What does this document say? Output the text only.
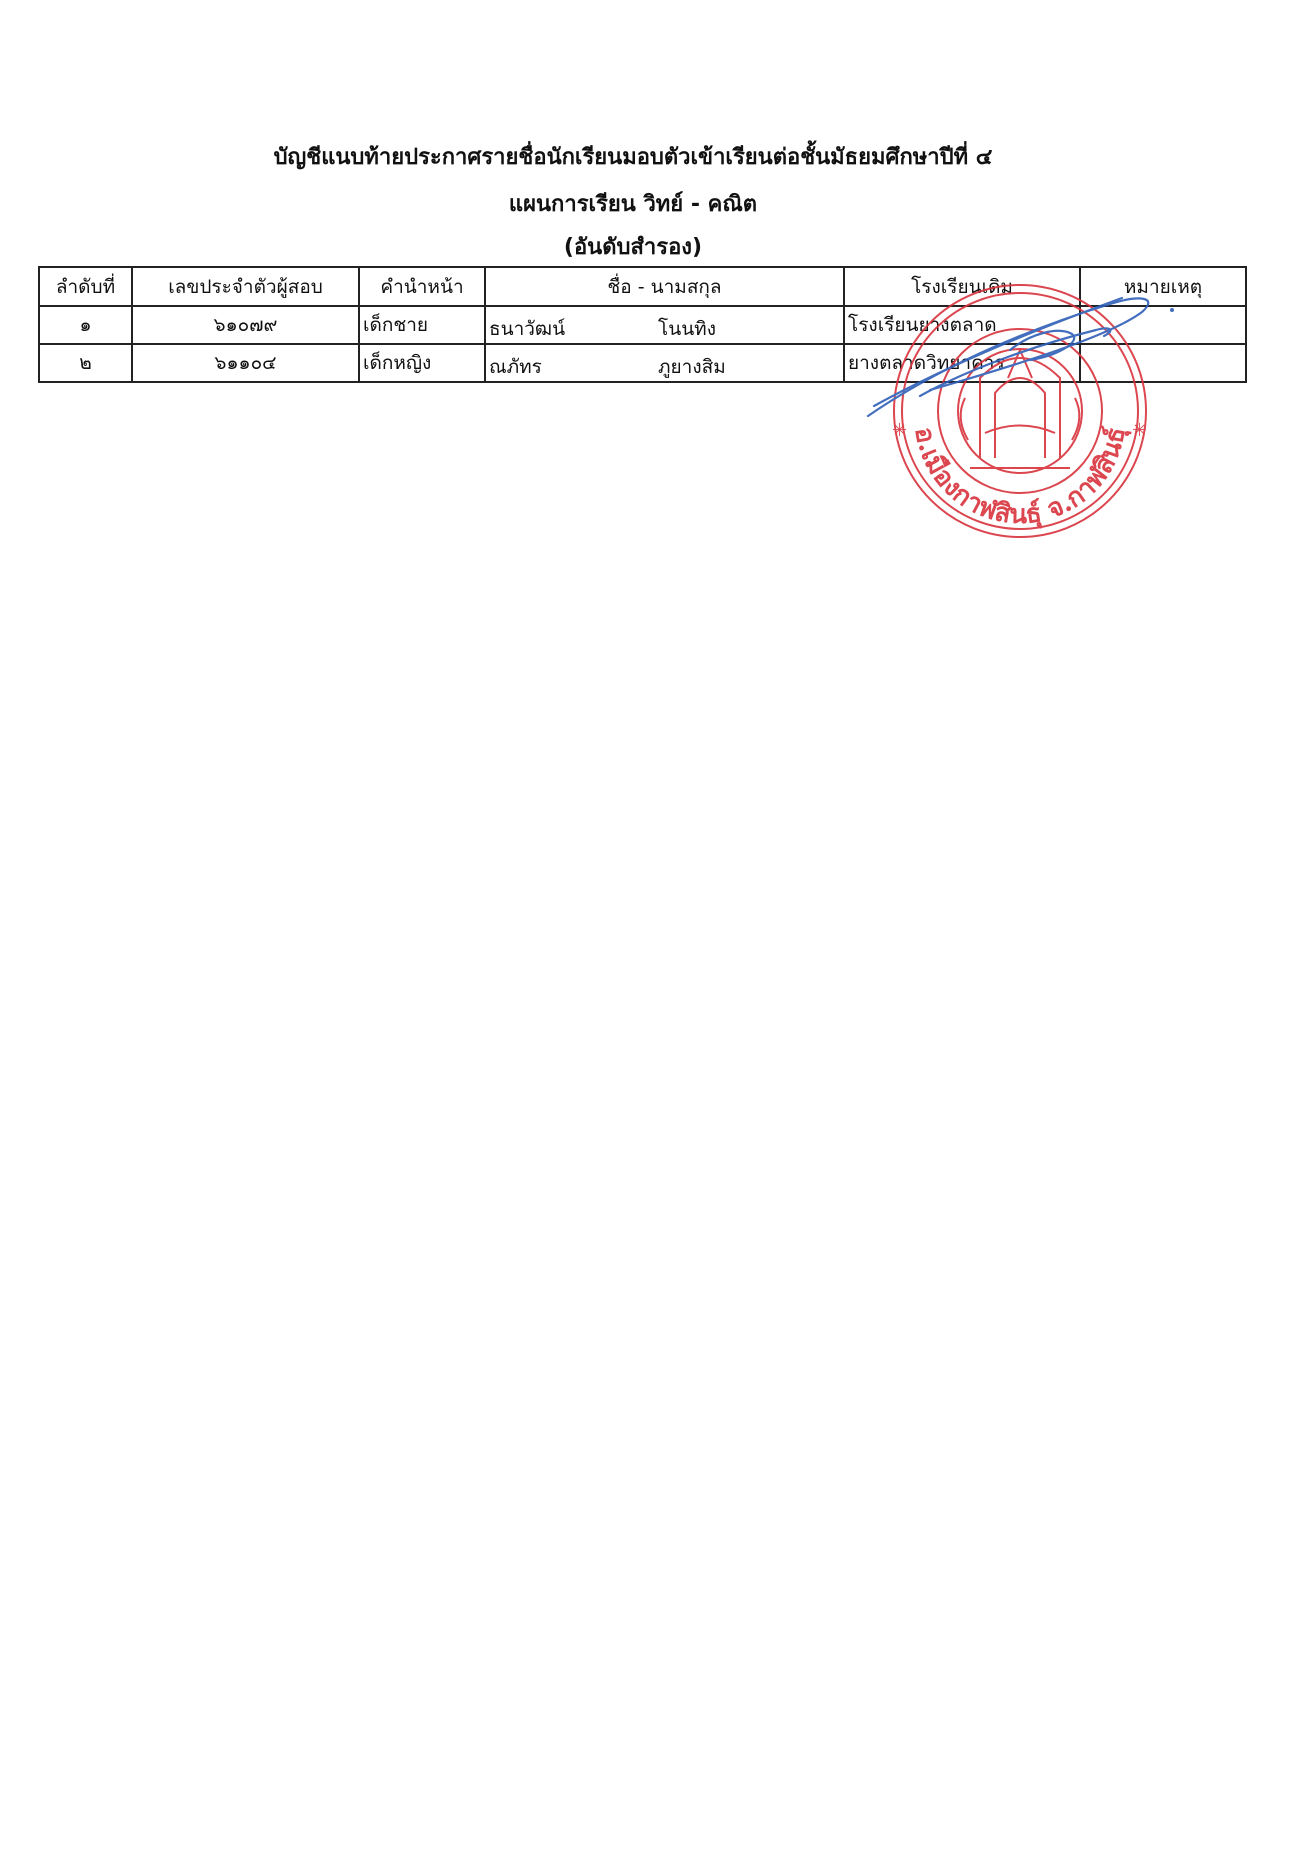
บัญชีแนบท้ายประกาศรายชื่อนักเรียนมอบตัวเข้าเรียนต่อชั้นมัธยมศึกษาปีที่ ๔
แผนการเรียน วิทย์ - คณิต
(อันดับสำรอง)
ลำดับที่	เลขประจำตัวผู้สอบ	คำนำหน้า	ชื่อ - นามสกุล	โรงเรียนเดิม	หมายเหตุ
๑	๖๑๐๗๙	เด็กชาย	ธนาวัฒน์ โนนทิง	โรงเรียนยางตลาด	
๒	๖๑๑๐๔	เด็กหญิง	ณภัทร ภูยางสิม	ยางตลาดวิทยาคาร	
อ.เมืองกาฬสินธุ์ จ.กาฬสินธุ์
✳	✳
